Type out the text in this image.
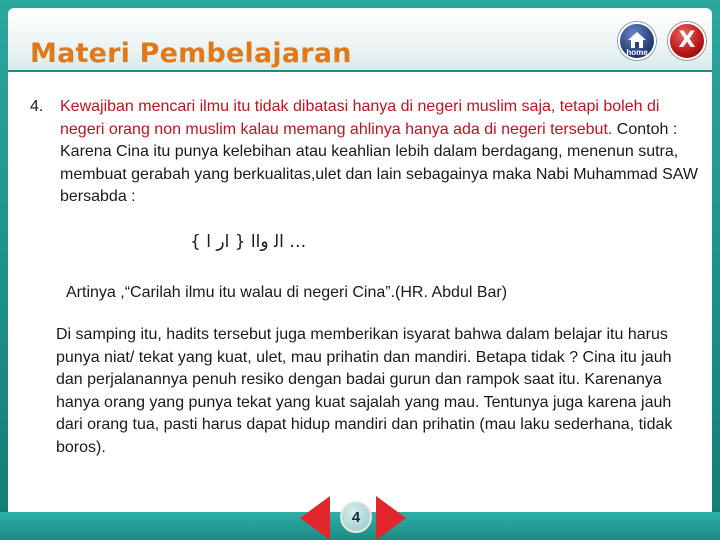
Materi Pembelajaran	home X
4. Kewajiban mencari ilmu itu tidak dibatasi hanya di negeri muslim saja, tetapi boleh di negeri orang non muslim kalau memang ahlinya hanya ada di negeri tersebut. Contoh : Karena Cina itu punya kelebihan atau keahlian lebih dalam berdagang, menenun sutra, membuat gerabah yang berkualitas,ulet dan lain sebagainya maka Nabi Muhammad SAW bersabda :
{ ﺍﺭ ﺍ } ﺍﻟ ﻭﺍﺍ …
Artinya ,“Carilah ilmu itu walau di negeri Cina”.(HR. Abdul Bar)
Di samping itu, hadits tersebut juga memberikan isyarat bahwa dalam belajar itu harus punya niat/ tekat yang kuat, ulet, mau prihatin dan mandiri. Betapa tidak ? Cina itu jauh dan perjalanannya penuh resiko dengan badai gurun dan rampok saat itu. Karenanya hanya orang yang punya tekat yang kuat sajalah yang mau. Tentunya juga karena jauh dari orang tua, pasti harus dapat hidup mandiri dan prihatin (mau laku sederhana, tidak boros).
4
